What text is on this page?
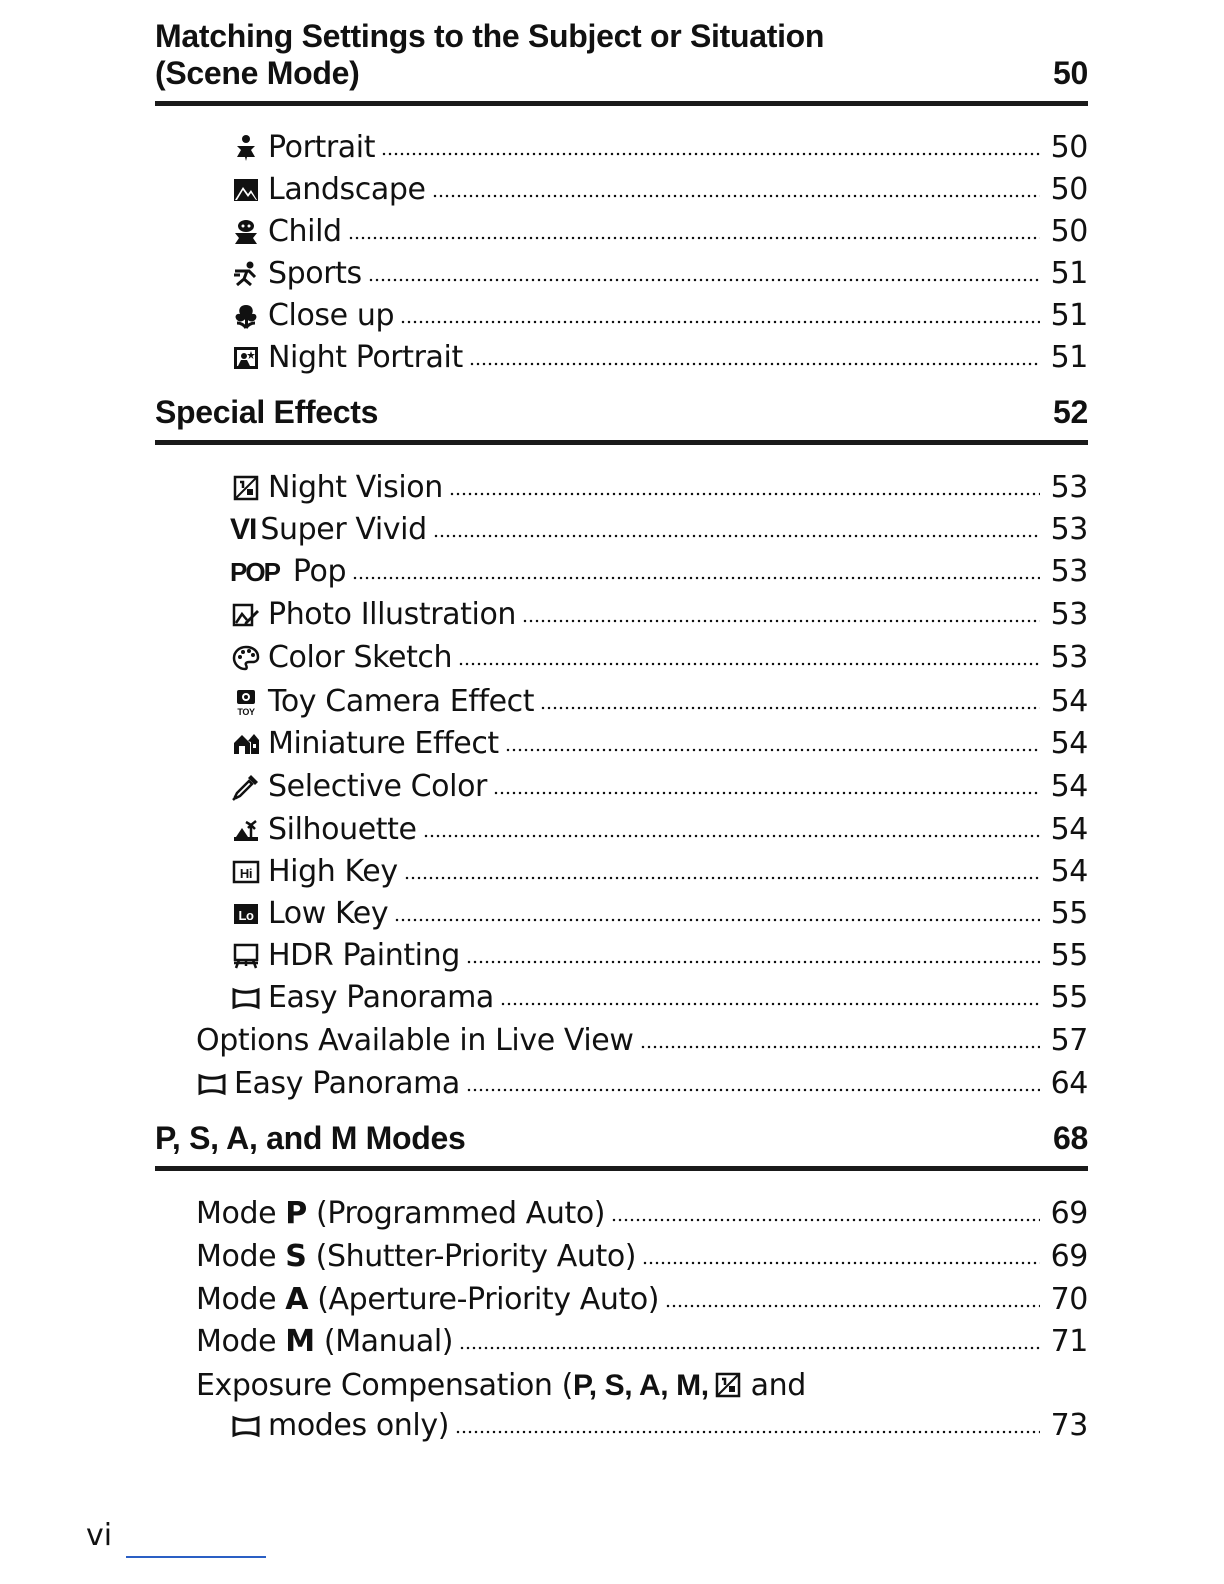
Matching Settings to the Subject or Situation
(Scene Mode)	50
Portrait	50
Landscape	50
Child	50
Sports	51
Close up	51
Night Portrait	51
Special Effects	52
Night Vision	53
VI Super Vivid	53
POP Pop	53
Photo Illustration	53
Color Sketch	53
TOY Toy Camera Effect	54
Miniature Effect	54
Selective Color	54
Silhouette	54
Hi High Key	54
Lo Low Key	55
HDR Painting	55
Easy Panorama	55
Options Available in Live View	57
Easy Panorama	64
P, S, A, and M Modes	68
Mode P (Programmed Auto)	69
Mode S (Shutter-Priority Auto)	69
Mode A (Aperture-Priority Auto)	70
Mode M (Manual)	71
Exposure Compensation ( P, S, A, M, and
modes only)	73
vi
